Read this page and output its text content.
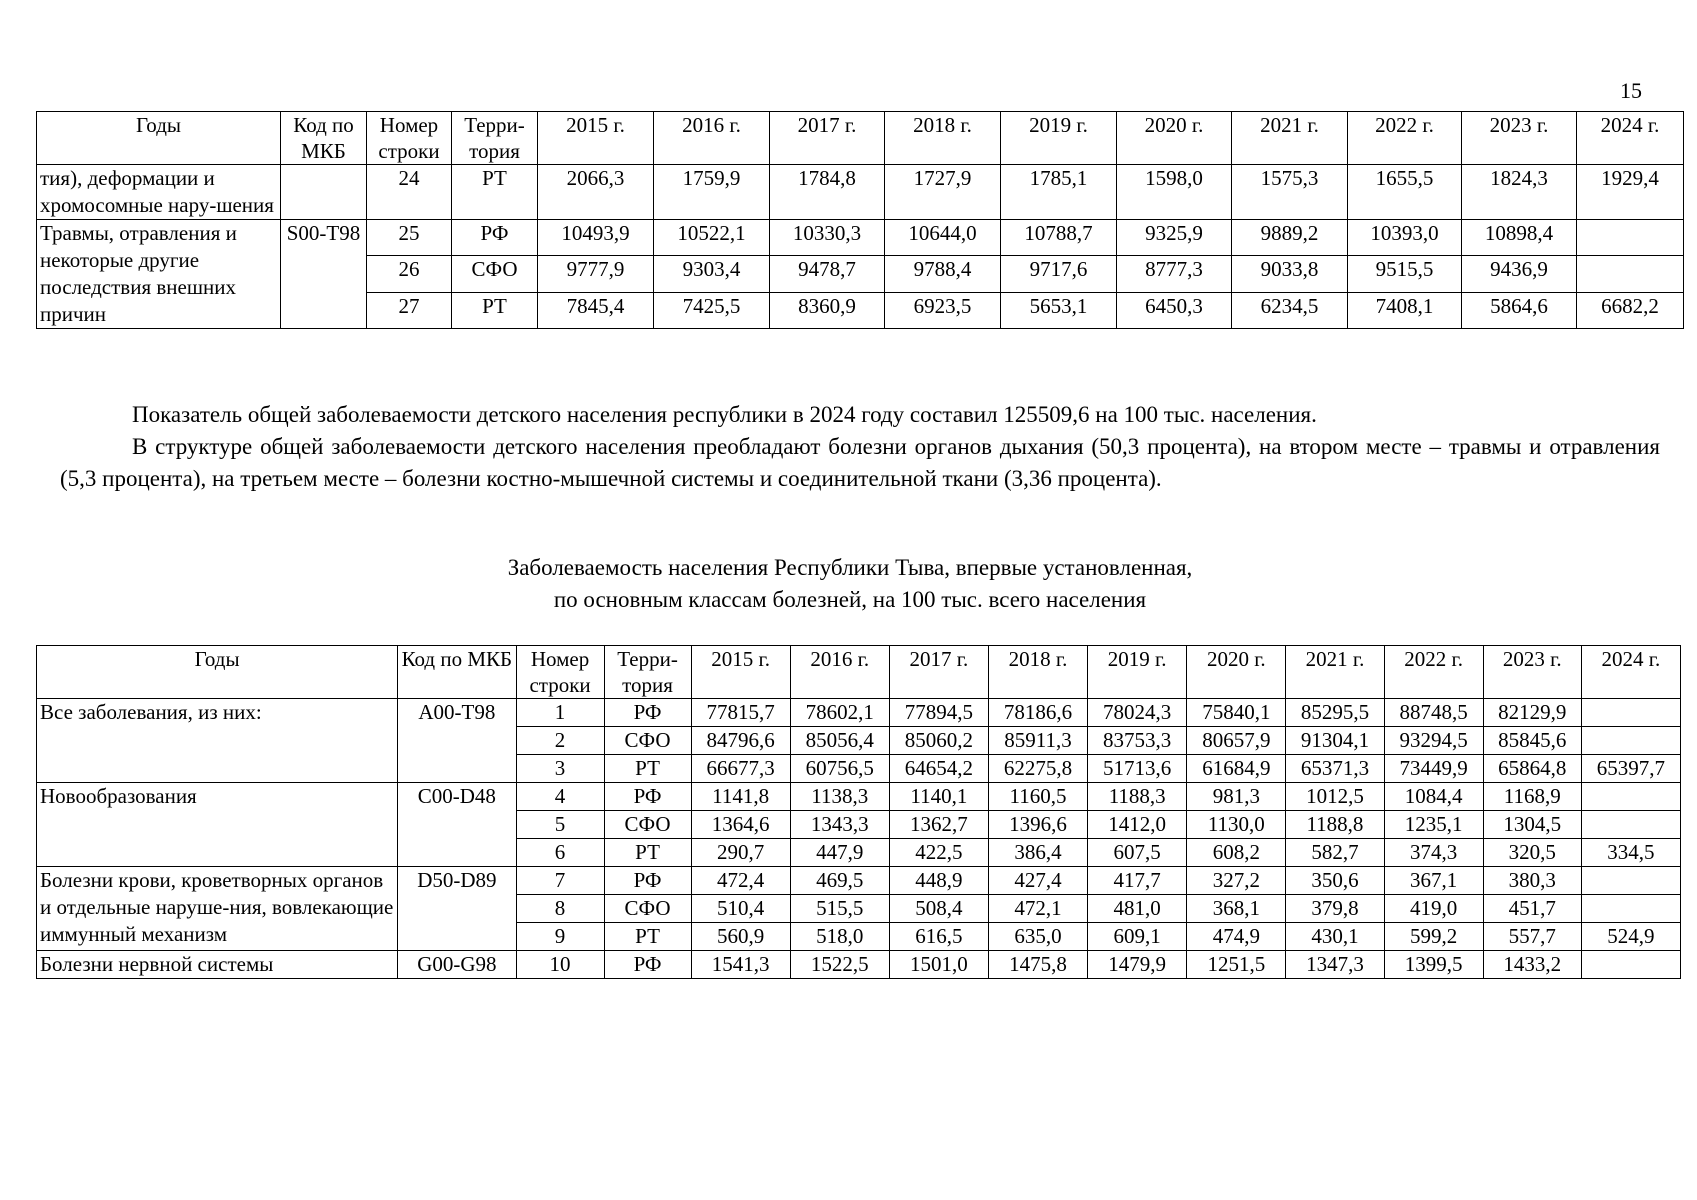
15
Годы	Код по МКБ	Номер строки	Терри-тория	2015 г.	2016 г.	2017 г.	2018 г.	2019 г.	2020 г.	2021 г.	2022 г.	2023 г.	2024 г.
тия), деформации и хромосомные нару-шения		24	РТ	2066,3	1759,9	1784,8	1727,9	1785,1	1598,0	1575,3	1655,5	1824,3	1929,4
Травмы, отравления и некоторые другие последствия внешних причин	S00-T98	25	РФ	10493,9	10522,1	10330,3	10644,0	10788,7	9325,9	9889,2	10393,0	10898,4	
		26	СФО	9777,9	9303,4	9478,7	9788,4	9717,6	8777,3	9033,8	9515,5	9436,9	
		27	РТ	7845,4	7425,5	8360,9	6923,5	5653,1	6450,3	6234,5	7408,1	5864,6	6682,2
Показатель общей заболеваемости детского населения республики в 2024 году составил 125509,6 на 100 тыс. населения.
В структуре общей заболеваемости детского населения преобладают болезни органов дыхания (50,3 процента), на втором месте – травмы и отравления (5,3 процента), на третьем месте – болезни костно-мышечной системы и соединительной ткани (3,36 процента).
Заболеваемость населения Республики Тыва, впервые установленная,
по основным классам болезней, на 100 тыс. всего населения
Годы	Код по МКБ	Номер строки	Терри-тория	2015 г.	2016 г.	2017 г.	2018 г.	2019 г.	2020 г.	2021 г.	2022 г.	2023 г.	2024 г.
Все заболевания, из них:	A00-T98	1	РФ	77815,7	78602,1	77894,5	78186,6	78024,3	75840,1	85295,5	88748,5	82129,9	
		2	СФО	84796,6	85056,4	85060,2	85911,3	83753,3	80657,9	91304,1	93294,5	85845,6	
		3	РТ	66677,3	60756,5	64654,2	62275,8	51713,6	61684,9	65371,3	73449,9	65864,8	65397,7
Новообразования	C00-D48	4	РФ	1141,8	1138,3	1140,1	1160,5	1188,3	981,3	1012,5	1084,4	1168,9	
		5	СФО	1364,6	1343,3	1362,7	1396,6	1412,0	1130,0	1188,8	1235,1	1304,5	
		6	РТ	290,7	447,9	422,5	386,4	607,5	608,2	582,7	374,3	320,5	334,5
Болезни крови, кроветворных органов и отдельные наруше-ния, вовлекающие иммунный механизм	D50-D89	7	РФ	472,4	469,5	448,9	427,4	417,7	327,2	350,6	367,1	380,3	
		8	СФО	510,4	515,5	508,4	472,1	481,0	368,1	379,8	419,0	451,7	
		9	РТ	560,9	518,0	616,5	635,0	609,1	474,9	430,1	599,2	557,7	524,9
Болезни нервной системы	G00-G98	10	РФ	1541,3	1522,5	1501,0	1475,8	1479,9	1251,5	1347,3	1399,5	1433,2	
